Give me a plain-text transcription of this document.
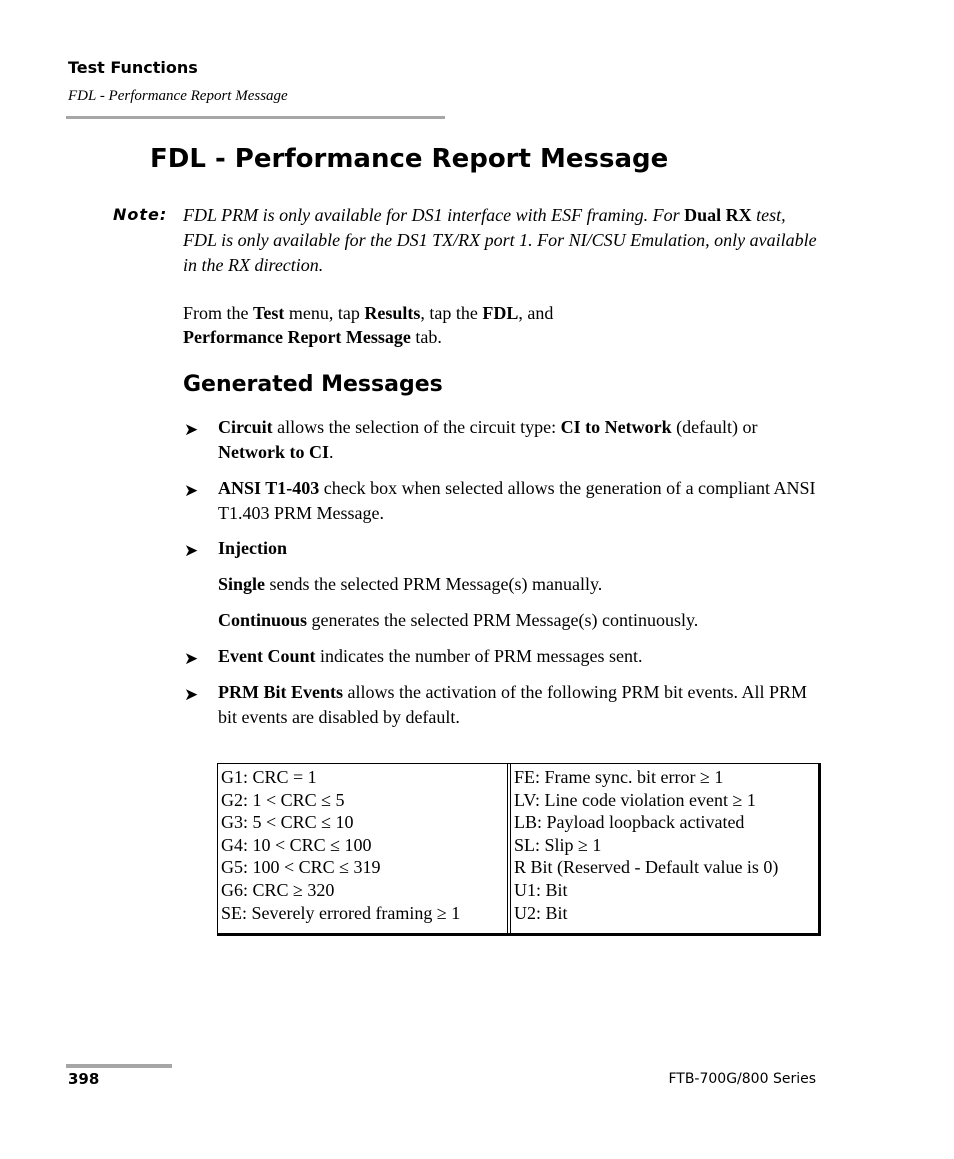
Test Functions
FDL - Performance Report Message
FDL - Performance Report Message
Note: FDL PRM is only available for DS1 interface with ESF framing. For Dual RX test, FDL is only available for the DS1 TX/RX port 1. For NI/CSU Emulation, only available in the RX direction.
From the Test menu, tap Results, tap the FDL, and
Performance Report Message tab.
Generated Messages
➤ Circuit allows the selection of the circuit type: CI to Network (default) or Network to CI.
➤ ANSI T1-403 check box when selected allows the generation of a compliant ANSI T1.403 PRM Message.
➤ Injection
Single sends the selected PRM Message(s) manually.
Continuous generates the selected PRM Message(s) continuously.
➤ Event Count indicates the number of PRM messages sent.
➤ PRM Bit Events allows the activation of the following PRM bit events. All PRM bit events are disabled by default.
G1: CRC = 1
G2: 1 < CRC ≤ 5
G3: 5 < CRC ≤ 10
G4: 10 < CRC ≤ 100
G5: 100 < CRC ≤ 319
G6: CRC ≥ 320
SE: Severely errored framing ≥ 1
FE: Frame sync. bit error ≥ 1
LV: Line code violation event ≥ 1
LB: Payload loopback activated
SL: Slip ≥ 1
R Bit (Reserved - Default value is 0)
U1: Bit
U2: Bit
398	FTB-700G/800 Series
